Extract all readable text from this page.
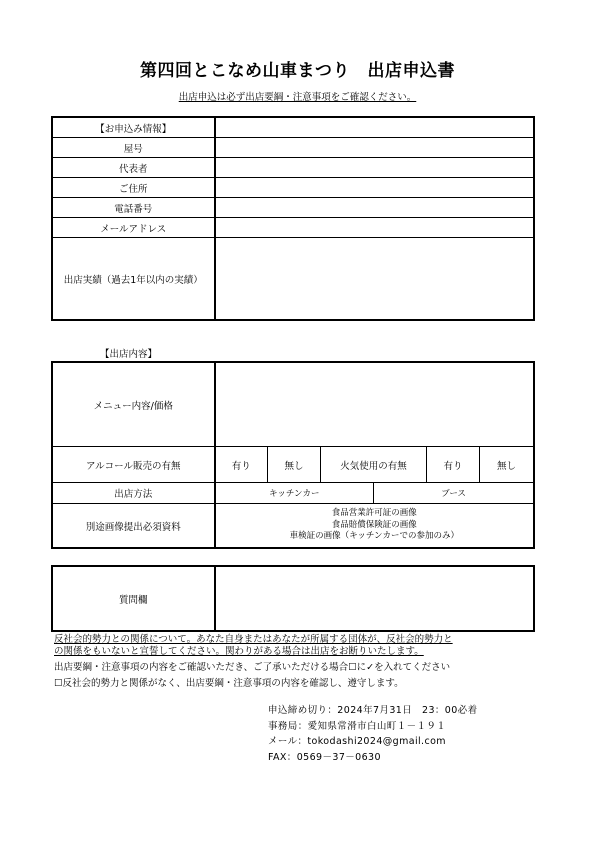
第四回とこなめ山車まつり　出店申込書
出店申込は必ず出店要綱・注意事項をご確認ください。
【お申込み情報】	
屋号	
代表者	
ご住所	
電話番号	
メールアドレス	
出店実績（過去1年以内の実績）	
【出店内容】
メニュー内容/価格						
アルコール販売の有無	有り	無し	火気使用の有無		有り	無し
出店方法	キッチンカー			ブース		
別途画像提出必須資料	食品営業許可証の画像
食品賠償保険証の画像
車検証の画像（キッチンカーでの参加のみ）					
質問欄	
反社会的勢力との関係について。あなた自身またはあなたが所属する団体が、反社会的勢力と
の関係をもいないと宣誓してください。関わりがある場合は出店をお断りいたします。
出店要綱・注意事項の内容をご確認いただき、ご了承いただける場合☐に✓を入れてください
☐反社会的勢力と関係がなく、出店要綱・注意事項の内容を確認し、遵守します。
申込締め切り：2024年7月31日　23：00必着
事務局：愛知県常滑市白山町１－１９１
メール：tokodashi2024@gmail.com
FAX：0569－37－0630
